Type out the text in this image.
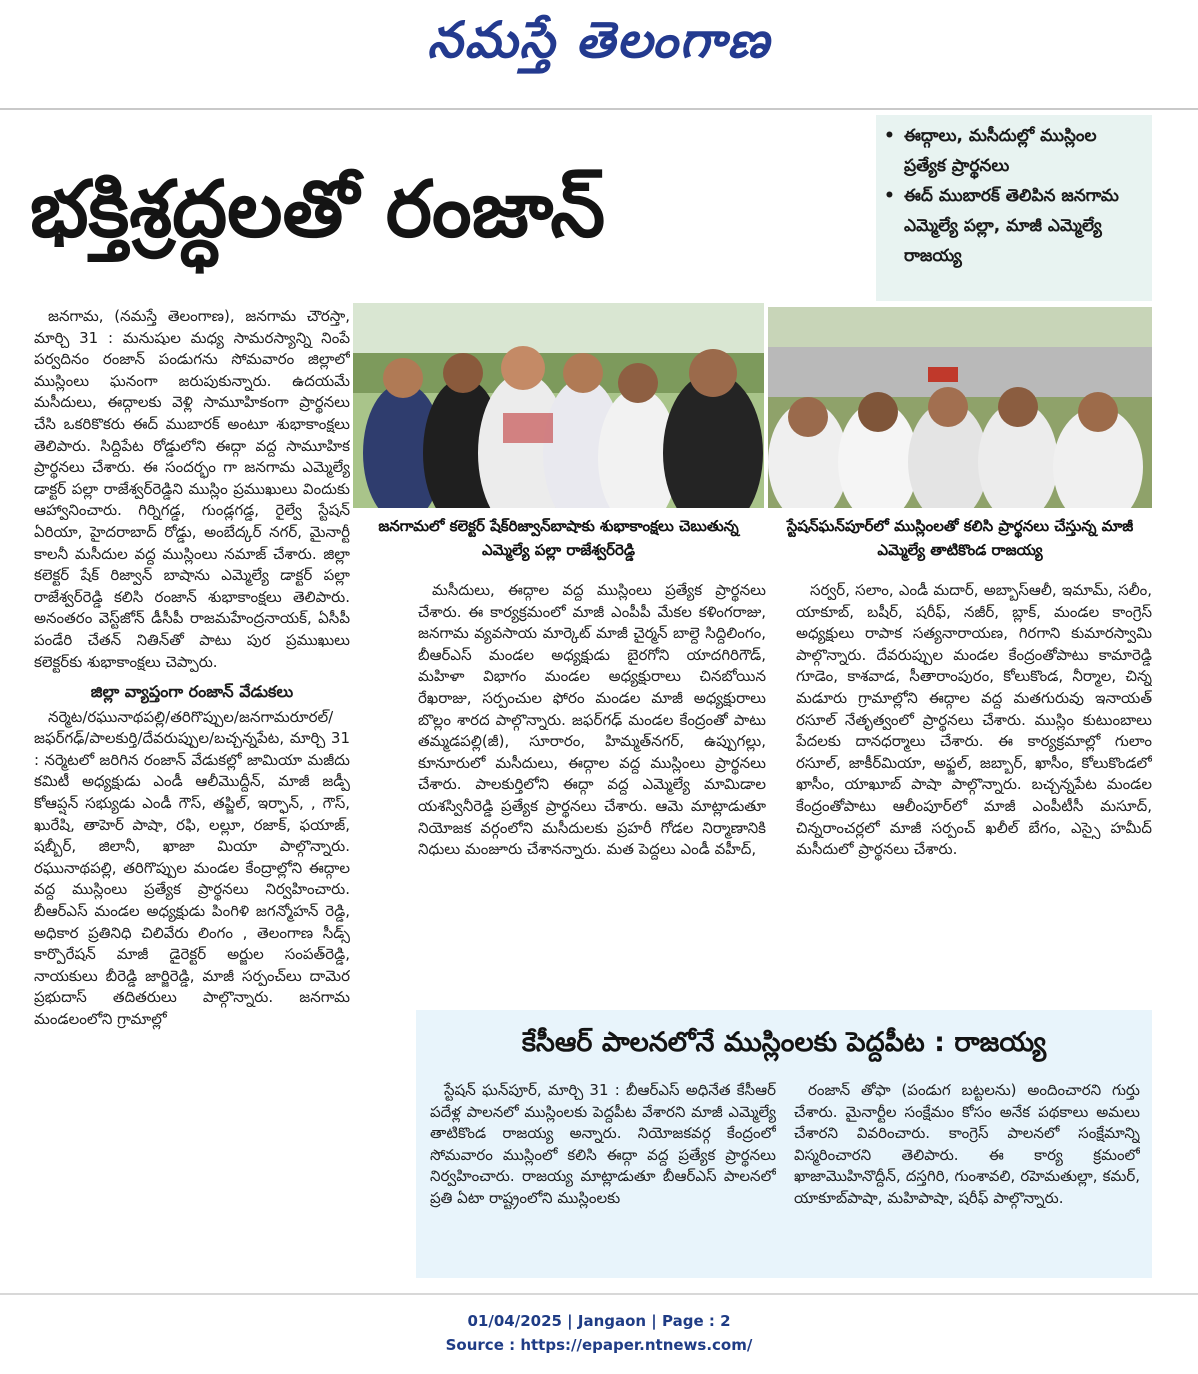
నమస్తే తెలంగాణ
భక్తిశ్రద్ధలతో రంజాన్
• ఈద్గాలు, మసీదుల్లో ముస్లింల ప్రత్యేక ప్రార్థనలు
• ఈద్ ముబారక్ తెలిపిన జనగామ ఎమ్మెల్యే పల్లా, మాజీ ఎమ్మెల్యే రాజయ్య
జనగామలో కలెక్టర్ షేక్‌రిజ్వాన్‌బాషాకు శుభాకాంక్షలు చెబుతున్న ఎమ్మెల్యే పల్లా రాజేశ్వర్‌రెడ్డి
స్టేషన్‌ఘన్‌పూర్‌లో ముస్లింలతో కలిసి ప్రార్థనలు చేస్తున్న మాజీ ఎమ్మెల్యే తాటికొండ రాజయ్య

జనగామ, (నమస్తే తెలంగాణ), జనగామ చౌరస్తా, మార్చి 31 : మనుషుల మధ్య సామరస్యాన్ని నింపే పర్వదినం రంజాన్ పండుగను సోమవారం జిల్లాలో ముస్లింలు ఘనంగా జరుపుకున్నారు. ఉదయమే మసీదులు, ఈద్గాలకు వెళ్లి సామూహికంగా ప్రార్థనలు చేసి ఒకరికొకరు ఈద్ ముబారక్ అంటూ శుభాకాంక్షలు తెలిపారు. సిద్దిపేట రోడ్డులోని ఈద్గా వద్ద సామూహిక ప్రార్థనలు చేశారు. ఈ సందర్భం గా జనగామ ఎమ్మెల్యే డాక్టర్ పల్లా రాజేశ్వర్‌రెడ్డిని ముస్లిం ప్రముఖులు విందుకు ఆహ్వానించారు. గిర్నిగడ్డ, గుండ్లగడ్డ, రైల్వే స్టేషన్ ఏరియా, హైదరాబాద్ రోడ్డు, అంబేద్కర్ నగర్, మైనార్టీ కాలనీ మసీదుల వద్ద ముస్లింలు నమాజ్ చేశారు. జిల్లా కలెక్టర్ షేక్ రిజ్వాన్ బాషాను ఎమ్మెల్యే డాక్టర్ పల్లా రాజేశ్వర్‌రెడ్డి కలిసి రంజాన్ శుభాకాంక్షలు తెలిపారు. అనంతరం వెస్ట్‌జోన్ డీసీపీ రాజమహేంద్రనాయక్, ఏసీపీ పండేరి చేతన్ నితిన్‌తో పాటు పుర ప్రముఖులు కలెక్టర్‌కు శుభాకాంక్షలు చెప్పారు.

జిల్లా వ్యాప్తంగా రంజాన్ వేడుకలు

నర్మెట/రఘునాథపల్లి/తరిగొప్పుల/జనగామరూరల్/జఫర్‌గఢ్/పాలకుర్తి/దేవరుప్పుల/బచ్చన్నపేట, మార్చి 31 : నర్మెటలో జరిగిన రంజాన్ వేడుకల్లో జామియా మజీదు కమిటీ అధ్యక్షుడు ఎండీ ఆలీమొద్దీన్, మాజీ జడ్పీ కోఆప్షన్ సభ్యుడు ఎండీ గౌస్, తప్జిల్, ఇర్ఫాన్, , గౌస్, ఖురేషి, తాహెర్ పాషా, రఫి, లల్లూ, రజాక్, ఫయాజ్, షబ్బీర్, జిలానీ, ఖాజా మియా పాల్గొన్నారు. రఘునాథపల్లి, తరిగొప్పుల మండల కేంద్రాల్లోని ఈద్గాల వద్ద ముస్లింలు ప్రత్యేక ప్రార్థనలు నిర్వహించారు. బీఆర్ఎస్ మండల అధ్యక్షుడు పింగిళి జగన్మోహన్ రెడ్డి, అధికార ప్రతినిధి చిలివేరు లింగం , తెలంగాణ సీడ్స్ కార్పొరేషన్ మాజీ డైరెక్టర్ అర్జుల సంపత్‌రెడ్డి, నాయకులు బీరెడ్డి జార్జిరెడ్డి, మాజీ సర్పంచ్‌లు దామెర ప్రభుదాస్ తదితరులు పాల్గొన్నారు. జనగామ మండలంలోని గ్రామాల్లో

మసీదులు, ఈద్గాల వద్ద ముస్లింలు ప్రత్యేక ప్రార్థనలు చేశారు. ఈ కార్యక్రమంలో మాజీ ఎంపీపీ మేకల కళింగరాజు, జనగామ వ్యవసాయ మార్కెట్ మాజీ చైర్మన్ బాల్దె సిద్దిలింగం, బీఆర్ఎస్ మండల అధ్యక్షుడు బైరగోని యాదగిరిగౌడ్, మహిళా విభాగం మండల అధ్యక్షురాలు చినబోయిన రేఖరాజు, సర్పంచుల ఫోరం మండల మాజీ అధ్యక్షురాలు బొల్లం శారద పాల్గొన్నారు. జఫర్‌గఢ్ మండల కేంద్రంతో పాటు తమ్మడపల్లి(జీ), సూరారం, హిమ్మత్‌నగర్, ఉప్పుగల్లు, కూనూరులో మసీదులు, ఈద్గాల వద్ద ముస్లింలు ప్రార్థనలు చేశారు. పాలకుర్తిలోని ఈద్గా వద్ద ఎమ్మెల్యే మామిడాల యశస్వినీరెడ్డి ప్రత్యేక ప్రార్థనలు చేశారు. ఆమె మాట్లాడుతూ నియోజక వర్గంలోని మసీదులకు ప్రహరీ గోడల నిర్మాణానికి నిధులు మంజూరు చేశానన్నారు. మత పెద్దలు ఎండీ వహీద్,

సర్వర్, సలాం, ఎండీ మదార్, అబ్బాస్‌ఆలీ, ఇమామ్, సలీం, యాకూబ్, బషీర్, షరీఫ్, నజీర్, బ్లాక్, మండల కాంగ్రెస్ అధ్యక్షులు రాపాక సత్యనారాయణ, గిరగాని కుమారస్వామి పాల్గొన్నారు. దేవరుప్పుల మండల కేంద్రంతోపాటు కామారెడ్డి గూడెం, కాశవాడ, సీతారాంపురం, కోలుకొండ, నీర్మాల, చిన్న మడూరు గ్రామాల్లోని ఈద్గాల వద్ద మతగురువు ఇనాయత్ రసూల్ నేతృత్వంలో ప్రార్థనలు చేశారు. ముస్లిం కుటుంబాలు పేదలకు దానధర్మాలు చేశారు. ఈ కార్యక్రమాల్లో గులాం రసూల్, జాకీర్‌మియా, అఫ్జల్, జబ్బార్, ఖాసీం, కోలుకొండలో ఖాసీం, యాఖూబ్ పాషా పాల్గొన్నారు. బచ్చన్నపేట మండల కేంద్రంతోపాటు ఆలీంపూర్‌లో మాజీ ఎంపీటీసీ మసూద్, చిన్నరాంచర్లలో మాజీ సర్పంచ్ ఖలీల్ బేగం, ఎస్సై హమీద్ మసీదులో ప్రార్థనలు చేశారు.

కేసీఆర్ పాలనలోనే ముస్లింలకు పెద్దపీట : రాజయ్య

స్టేషన్ ఘన్‌పూర్, మార్చి 31 : బీఆర్ఎస్ అధినేత కేసీఆర్ పదేళ్ల పాలనలో ముస్లింలకు పెద్దపీట వేశారని మాజీ ఎమ్మెల్యే తాటికొండ రాజయ్య అన్నారు. నియోజకవర్గ కేంద్రంలో సోమవారం ముస్లింలో కలిసి ఈద్గా వద్ద ప్రత్యేక ప్రార్థనలు నిర్వహించారు. రాజయ్య మాట్లాడుతూ బీఆర్ఎస్ పాలనలో ప్రతి ఏటా రాష్ట్రంలోని ముస్లింలకు

రంజాన్ తోఫా (పండుగ బట్టలను) అందించారని గుర్తు చేశారు. మైనార్టీల సంక్షేమం కోసం అనేక పథకాలు అమలు చేశారని వివరించారు. కాంగ్రెస్ పాలనలో సంక్షేమాన్ని విస్మరించారని తెలిపారు. ఈ కార్య క్రమంలో ఖాజామొహినొద్దీన్, దస్తగిరి, గుంశావలి, రహెమతుల్లా, కమర్, యాకూబ్‌పాషా, మహిపాషా, షరీఫ్ పాల్గొన్నారు.

01/04/2025 | Jangaon | Page : 2
Source : https://epaper.ntnews.com/
